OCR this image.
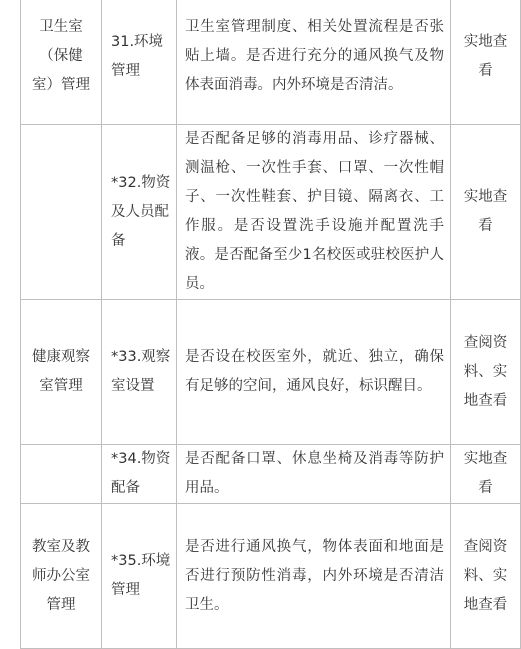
卫生室（保健室）管理	31.环境管理	卫生室管理制度、相关处置流程是否张贴上墙。是否进行充分的通风换气及物体表面消毒。内外环境是否清洁。	实地查看
	*32.物资及人员配备	是否配备足够的消毒用品、诊疗器械、测温枪、一次性手套、口罩、一次性帽子、一次性鞋套、护目镜、隔离衣、工作服。是否设置洗手设施并配置洗手液。是否配备至少1名校医或驻校医护人员。	实地查看
健康观察室管理	*33.观察室设置	是否设在校医室外，就近、独立，确保有足够的空间，通风良好，标识醒目。	查阅资料、实地查看
	*34.物资配备	是否配备口罩、休息坐椅及消毒等防护用品。	实地查看
教室及教师办公室管理	*35.环境管理	是否进行通风换气，物体表面和地面是否进行预防性消毒，内外环境是否清洁卫生。	查阅资料、实地查看
